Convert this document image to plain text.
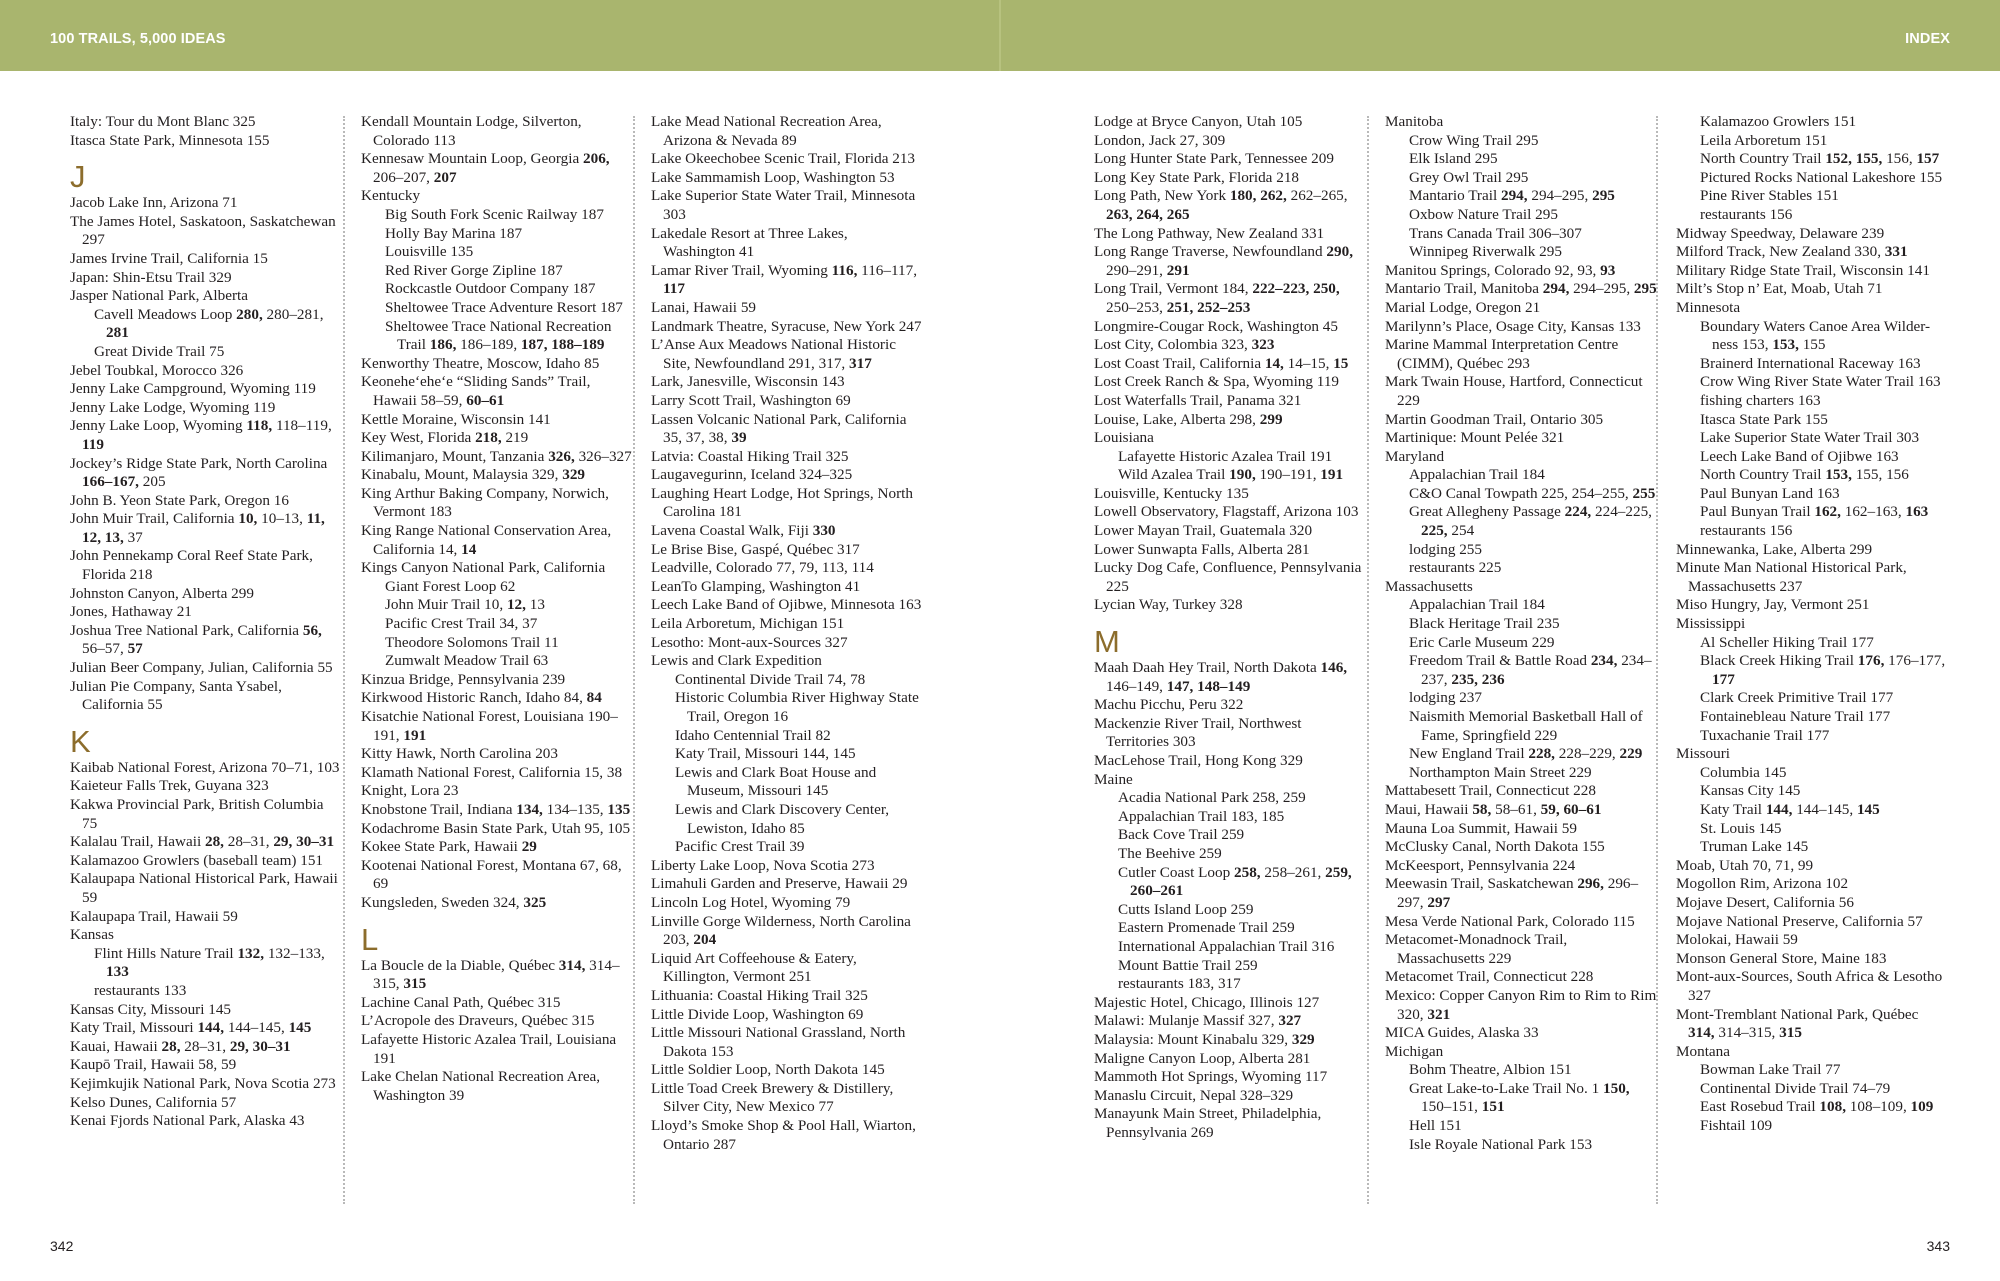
100 TRAILS, 5,000 IDEAS	INDEX
Italy: Tour du Mont Blanc 325
Itasca State Park, Minnesota 155
J
Jacob Lake Inn, Arizona 71
The James Hotel, Saskatoon, Saskatchewan 297
James Irvine Trail, California 15
Japan: Shin-Etsu Trail 329
Jasper National Park, Alberta
Cavell Meadows Loop 280, 280–281, 281
Great Divide Trail 75
Jebel Toubkal, Morocco 326
Jenny Lake Campground, Wyoming 119
Jenny Lake Lodge, Wyoming 119
Jenny Lake Loop, Wyoming 118, 118–119, 119
Jockey’s Ridge State Park, North Carolina 166–167, 205
John B. Yeon State Park, Oregon 16
John Muir Trail, California 10, 10–13, 11, 12, 13, 37
John Pennekamp Coral Reef State Park, Florida 218
Johnston Canyon, Alberta 299
Jones, Hathaway 21
Joshua Tree National Park, California 56, 56–57, 57
Julian Beer Company, Julian, California 55
Julian Pie Company, Santa Ysabel, California 55
K
Kaibab National Forest, Arizona 70–71, 103
Kaieteur Falls Trek, Guyana 323
Kakwa Provincial Park, British Columbia 75
Kalalau Trail, Hawaii 28, 28–31, 29, 30–31
Kalamazoo Growlers (baseball team) 151
Kalaupapa National Historical Park, Hawaii 59
Kalaupapa Trail, Hawaii 59
Kansas
Flint Hills Nature Trail 132, 132–133, 133
restaurants 133
Kansas City, Missouri 145
Katy Trail, Missouri 144, 144–145, 145
Kauai, Hawaii 28, 28–31, 29, 30–31
Kaupō Trail, Hawaii 58, 59
Kejimkujik National Park, Nova Scotia 273
Kelso Dunes, California 57
Kenai Fjords National Park, Alaska 43
Kendall Mountain Lodge, Silverton, Colorado 113
Kennesaw Mountain Loop, Georgia 206, 206–207, 207
Kentucky
Big South Fork Scenic Railway 187
Holly Bay Marina 187
Louisville 135
Red River Gorge Zipline 187
Rockcastle Outdoor Company 187
Sheltowee Trace Adventure Resort 187
Sheltowee Trace National Recreation Trail 186, 186–189, 187, 188–189
Kenworthy Theatre, Moscow, Idaho 85
Keonehe‘ehe‘e “Sliding Sands” Trail, Hawaii 58–59, 60–61
Kettle Moraine, Wisconsin 141
Key West, Florida 218, 219
Kilimanjaro, Mount, Tanzania 326, 326–327
Kinabalu, Mount, Malaysia 329, 329
King Arthur Baking Company, Norwich, Vermont 183
King Range National Conservation Area, California 14, 14
Kings Canyon National Park, California
Giant Forest Loop 62
John Muir Trail 10, 12, 13
Pacific Crest Trail 34, 37
Theodore Solomons Trail 11
Zumwalt Meadow Trail 63
Kinzua Bridge, Pennsylvania 239
Kirkwood Historic Ranch, Idaho 84, 84
Kisatchie National Forest, Louisiana 190–191, 191
Kitty Hawk, North Carolina 203
Klamath National Forest, California 15, 38
Knight, Lora 23
Knobstone Trail, Indiana 134, 134–135, 135
Kodachrome Basin State Park, Utah 95, 105
Kokee State Park, Hawaii 29
Kootenai National Forest, Montana 67, 68, 69
Kungsleden, Sweden 324, 325
L
La Boucle de la Diable, Québec 314, 314–315, 315
Lachine Canal Path, Québec 315
L’Acropole des Draveurs, Québec 315
Lafayette Historic Azalea Trail, Louisiana 191
Lake Chelan National Recreation Area, Washington 39
Lake Mead National Recreation Area, Arizona & Nevada 89
Lake Okeechobee Scenic Trail, Florida 213
Lake Sammamish Loop, Washington 53
Lake Superior State Water Trail, Minnesota 303
Lakedale Resort at Three Lakes, Washington 41
Lamar River Trail, Wyoming 116, 116–117, 117
Lanai, Hawaii 59
Landmark Theatre, Syracuse, New York 247
L’Anse Aux Meadows National Historic Site, Newfoundland 291, 317, 317
Lark, Janesville, Wisconsin 143
Larry Scott Trail, Washington 69
Lassen Volcanic National Park, California 35, 37, 38, 39
Latvia: Coastal Hiking Trail 325
Laugavegurinn, Iceland 324–325
Laughing Heart Lodge, Hot Springs, North Carolina 181
Lavena Coastal Walk, Fiji 330
Le Brise Bise, Gaspé, Québec 317
Leadville, Colorado 77, 79, 113, 114
LeanTo Glamping, Washington 41
Leech Lake Band of Ojibwe, Minnesota 163
Leila Arboretum, Michigan 151
Lesotho: Mont-aux-Sources 327
Lewis and Clark Expedition
Continental Divide Trail 74, 78
Historic Columbia River Highway State Trail, Oregon 16
Idaho Centennial Trail 82
Katy Trail, Missouri 144, 145
Lewis and Clark Boat House and Museum, Missouri 145
Lewis and Clark Discovery Center, Lewiston, Idaho 85
Pacific Crest Trail 39
Liberty Lake Loop, Nova Scotia 273
Limahuli Garden and Preserve, Hawaii 29
Lincoln Log Hotel, Wyoming 79
Linville Gorge Wilderness, North Carolina 203, 204
Liquid Art Coffeehouse & Eatery, Killington, Vermont 251
Lithuania: Coastal Hiking Trail 325
Little Divide Loop, Washington 69
Little Missouri National Grassland, North Dakota 153
Little Soldier Loop, North Dakota 145
Little Toad Creek Brewery & Distillery, Silver City, New Mexico 77
Lloyd’s Smoke Shop & Pool Hall, Wiarton, Ontario 287
Lodge at Bryce Canyon, Utah 105
London, Jack 27, 309
Long Hunter State Park, Tennessee 209
Long Key State Park, Florida 218
Long Path, New York 180, 262, 262–265, 263, 264, 265
The Long Pathway, New Zealand 331
Long Range Traverse, Newfoundland 290, 290–291, 291
Long Trail, Vermont 184, 222–223, 250, 250–253, 251, 252–253
Longmire-Cougar Rock, Washington 45
Lost City, Colombia 323, 323
Lost Coast Trail, California 14, 14–15, 15
Lost Creek Ranch & Spa, Wyoming 119
Lost Waterfalls Trail, Panama 321
Louise, Lake, Alberta 298, 299
Louisiana
Lafayette Historic Azalea Trail 191
Wild Azalea Trail 190, 190–191, 191
Louisville, Kentucky 135
Lowell Observatory, Flagstaff, Arizona 103
Lower Mayan Trail, Guatemala 320
Lower Sunwapta Falls, Alberta 281
Lucky Dog Cafe, Confluence, Pennsylvania 225
Lycian Way, Turkey 328
M
Maah Daah Hey Trail, North Dakota 146, 146–149, 147, 148–149
Machu Picchu, Peru 322
Mackenzie River Trail, Northwest Territories 303
MacLehose Trail, Hong Kong 329
Maine
Acadia National Park 258, 259
Appalachian Trail 183, 185
Back Cove Trail 259
The Beehive 259
Cutler Coast Loop 258, 258–261, 259, 260–261
Cutts Island Loop 259
Eastern Promenade Trail 259
International Appalachian Trail 316
Mount Battie Trail 259
restaurants 183, 317
Majestic Hotel, Chicago, Illinois 127
Malawi: Mulanje Massif 327, 327
Malaysia: Mount Kinabalu 329, 329
Maligne Canyon Loop, Alberta 281
Mammoth Hot Springs, Wyoming 117
Manaslu Circuit, Nepal 328–329
Manayunk Main Street, Philadelphia, Pennsylvania 269
Manitoba
Crow Wing Trail 295
Elk Island 295
Grey Owl Trail 295
Mantario Trail 294, 294–295, 295
Oxbow Nature Trail 295
Trans Canada Trail 306–307
Winnipeg Riverwalk 295
Manitou Springs, Colorado 92, 93, 93
Mantario Trail, Manitoba 294, 294–295, 295
Marial Lodge, Oregon 21
Marilynn’s Place, Osage City, Kansas 133
Marine Mammal Interpretation Centre (CIMM), Québec 293
Mark Twain House, Hartford, Connecticut 229
Martin Goodman Trail, Ontario 305
Martinique: Mount Pelée 321
Maryland
Appalachian Trail 184
C&O Canal Towpath 225, 254–255, 255
Great Allegheny Passage 224, 224–225, 225, 254
lodging 255
restaurants 225
Massachusetts
Appalachian Trail 184
Black Heritage Trail 235
Eric Carle Museum 229
Freedom Trail & Battle Road 234, 234–237, 235, 236
lodging 237
Naismith Memorial Basketball Hall of Fame, Springfield 229
New England Trail 228, 228–229, 229
Northampton Main Street 229
Mattabesett Trail, Connecticut 228
Maui, Hawaii 58, 58–61, 59, 60–61
Mauna Loa Summit, Hawaii 59
McClusky Canal, North Dakota 155
McKeesport, Pennsylvania 224
Meewasin Trail, Saskatchewan 296, 296–297, 297
Mesa Verde National Park, Colorado 115
Metacomet-Monadnock Trail, Massachusetts 229
Metacomet Trail, Connecticut 228
Mexico: Copper Canyon Rim to Rim to Rim 320, 321
MICA Guides, Alaska 33
Michigan
Bohm Theatre, Albion 151
Great Lake-to-Lake Trail No. 1 150, 150–151, 151
Hell 151
Isle Royale National Park 153
Kalamazoo Growlers 151
Leila Arboretum 151
North Country Trail 152, 155, 156, 157
Pictured Rocks National Lakeshore 155
Pine River Stables 151
restaurants 156
Midway Speedway, Delaware 239
Milford Track, New Zealand 330, 331
Military Ridge State Trail, Wisconsin 141
Milt’s Stop n’ Eat, Moab, Utah 71
Minnesota
Boundary Waters Canoe Area Wilder-ness 153, 153, 155
Brainerd International Raceway 163
Crow Wing River State Water Trail 163
fishing charters 163
Itasca State Park 155
Lake Superior State Water Trail 303
Leech Lake Band of Ojibwe 163
North Country Trail 153, 155, 156
Paul Bunyan Land 163
Paul Bunyan Trail 162, 162–163, 163
restaurants 156
Minnewanka, Lake, Alberta 299
Minute Man National Historical Park, Massachusetts 237
Miso Hungry, Jay, Vermont 251
Mississippi
Al Scheller Hiking Trail 177
Black Creek Hiking Trail 176, 176–177, 177
Clark Creek Primitive Trail 177
Fontainebleau Nature Trail 177
Tuxachanie Trail 177
Missouri
Columbia 145
Kansas City 145
Katy Trail 144, 144–145, 145
St. Louis 145
Truman Lake 145
Moab, Utah 70, 71, 99
Mogollon Rim, Arizona 102
Mojave Desert, California 56
Mojave National Preserve, California 57
Molokai, Hawaii 59
Monson General Store, Maine 183
Mont-aux-Sources, South Africa & Lesotho 327
Mont-Tremblant National Park, Québec 314, 314–315, 315
Montana
Bowman Lake Trail 77
Continental Divide Trail 74–79
East Rosebud Trail 108, 108–109, 109
Fishtail 109
342	343
